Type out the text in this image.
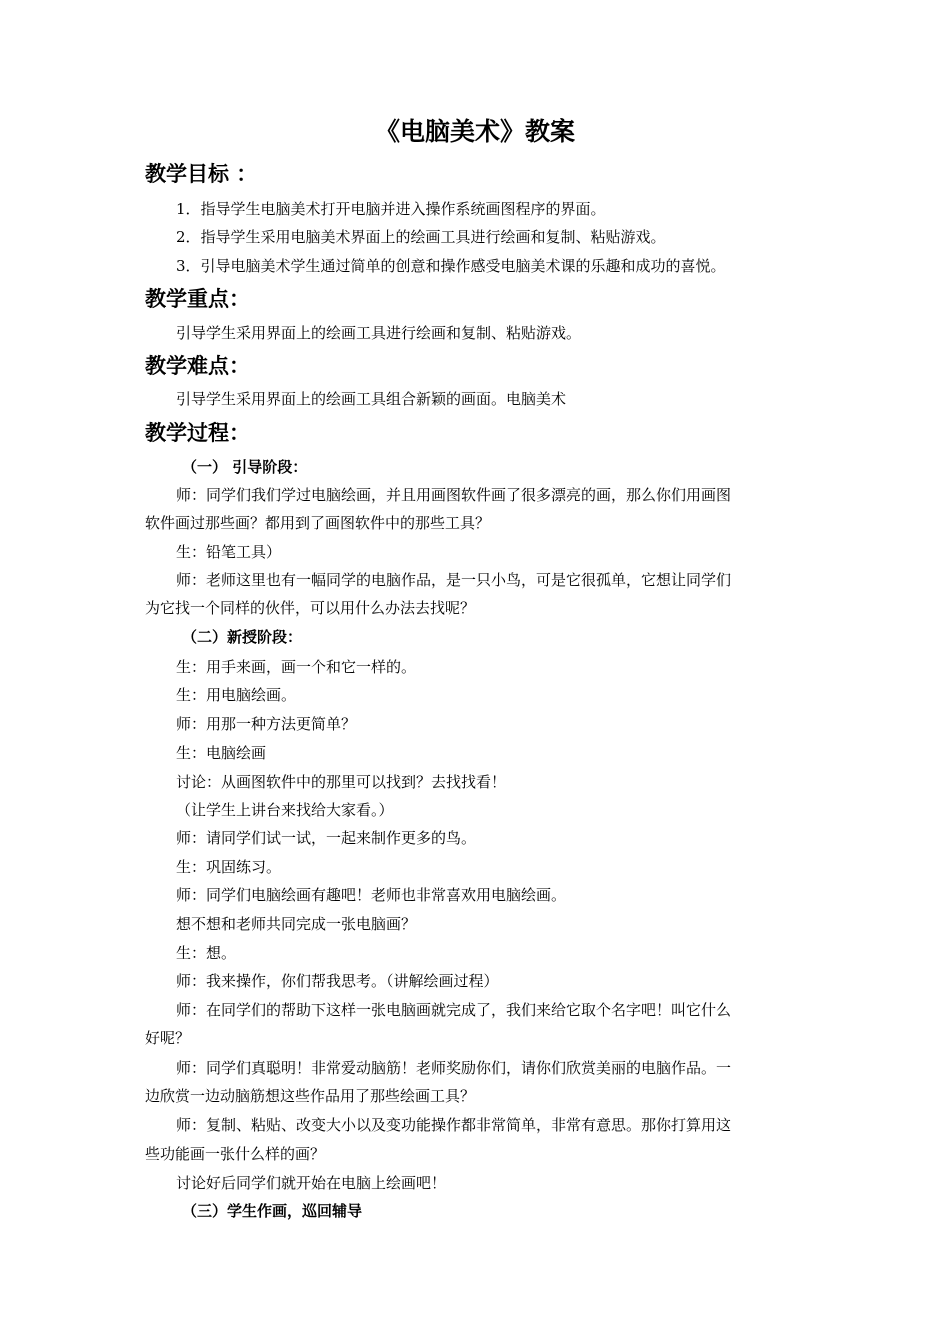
《电脑美术》教案
教学目标 ：
1．指导学生电脑美术打开电脑并进入操作系统画图程序的界面。
2．指导学生采用电脑美术界面上的绘画工具进行绘画和复制、粘贴游戏。
3．引导电脑美术学生通过简单的创意和操作感受电脑美术课的乐趣和成功的喜悦。
教学重点：
引导学生采用界面上的绘画工具进行绘画和复制、粘贴游戏。
教学难点：
引导学生采用界面上的绘画工具组合新颖的画面。电脑美术
教学过程：
（一） 引导阶段：
师：同学们我们学过电脑绘画，并且用画图软件画了很多漂亮的画，那么你们用画图
软件画过那些画？都用到了画图软件中的那些工具？
生：铅笔工具）
师：老师这里也有一幅同学的电脑作品，是一只小鸟，可是它很孤单，它想让同学们
为它找一个同样的伙伴，可以用什么办法去找呢？
（二）新授阶段：
生：用手来画，画一个和它一样的。
生：用电脑绘画。
师：用那一种方法更简单？
生：电脑绘画
讨论：从画图软件中的那里可以找到？去找找看！
（让学生上讲台来找给大家看。）
师：请同学们试一试，一起来制作更多的鸟。
生：巩固练习。
师：同学们电脑绘画有趣吧！老师也非常喜欢用电脑绘画。
想不想和老师共同完成一张电脑画？
生：想。
师：我来操作，你们帮我思考。（讲解绘画过程）
师：在同学们的帮助下这样一张电脑画就完成了，我们来给它取个名字吧！叫它什么
好呢？
师：同学们真聪明！非常爱动脑筋！老师奖励你们，请你们欣赏美丽的电脑作品。一
边欣赏一边动脑筋想这些作品用了那些绘画工具？
师：复制、粘贴、改变大小以及变功能操作都非常简单，非常有意思。那你打算用这
些功能画一张什么样的画？
讨论好后同学们就开始在电脑上绘画吧！
（三）学生作画，巡回辅导
